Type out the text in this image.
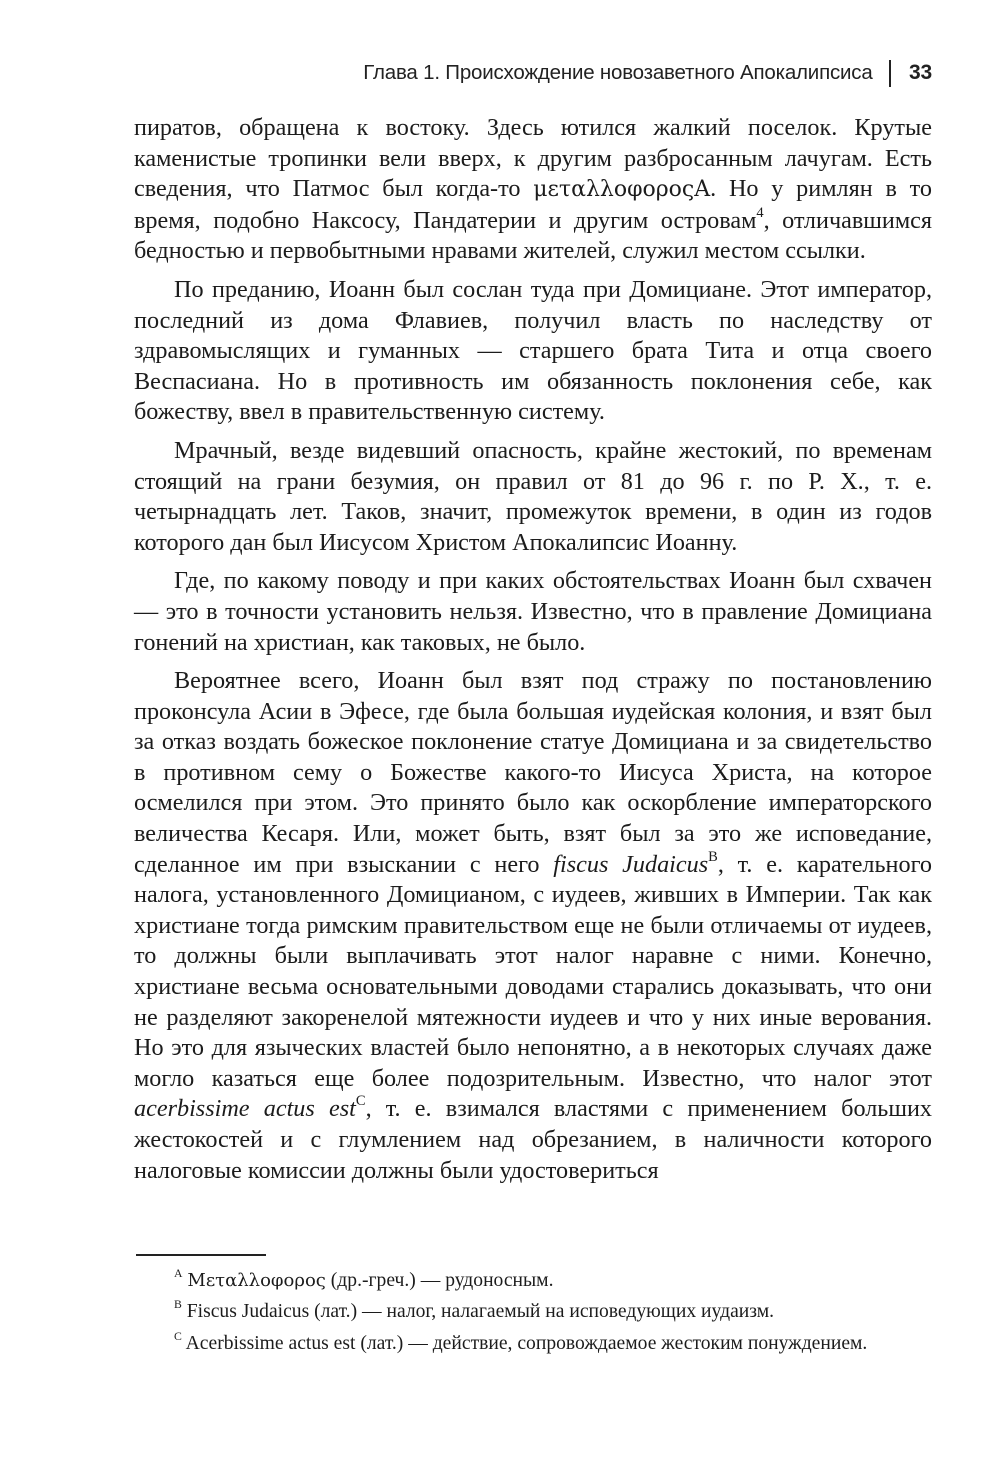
Глава 1. Происхождение новозаветного Апокалипсиса 33

пиратов, обращена к востоку. Здесь ютился жалкий поселок. Крутые каменистые тропинки вели вверх, к другим разбросанным лачугам. Есть сведения, что Патмос был когда-то μεταλλοφοροςA. Но у римлян в то время, подобно Наксосу, Пандатерии и другим островам$^4$, отличавшимся бедностью и первобытными нравами жителей, служил местом ссылки.

По преданию, Иоанн был сослан туда при Домициане. Этот император, последний из дома Флавиев, получил власть по наследству от здравомыслящих и гуманных — старшего брата Тита и отца своего Веспасиана. Но в противность им обязанность поклонения себе, как божеству, ввел в правительственную систему.

Мрачный, везде видевший опасность, крайне жестокий, по временам стоящий на грани безумия, он правил от 81 до 96 г. по Р. Х., т. е. четырнадцать лет. Таков, значит, промежуток времени, в один из годов которого дан был Иисусом Христом Апокалипсис Иоанну.

Где, по какому поводу и при каких обстоятельствах Иоанн был схвачен — это в точности установить нельзя. Известно, что в правление Домициана гонений на христиан, как таковых, не было.

Вероятнее всего, Иоанн был взят под стражу по постановлению проконсула Асии в Эфесе, где была большая иудейская колония, и взят был за отказ воздать божеское поклонение статуе Домициана и за свидетельство в противном сему о Божестве какого-то Иисуса Христа, на которое осмелился при этом. Это принято было как оскорбление императорского величества Кесаря. Или, может быть, взят был за это же исповедание, сделанное им при взыскании с него fiscus Judaicus$^B$, т. е. карательного налога, установленного Домицианом, с иудеев, живших в Империи. Так как христиане тогда римским правительством еще не были отличаемы от иудеев, то должны были выплачивать этот налог наравне с ними. Конечно, христиане весьма основательными доводами старались доказывать, что они не разделяют закоренелой мятежности иудеев и что у них иные верования. Но это для языческих властей было непонятно, а в некоторых случаях даже могло казаться еще более подозрительным. Известно, что налог этот acerbissime actus est$^C$, т. е. взимался властями с применением больших жестокостей и с глумлением над обрезанием, в наличности которого налоговые комиссии должны были удостовериться

$^A$ Μεταλλοφορος (др.-греч.) — рудоносным.

$^B$ Fiscus Judaicus (лат.) — налог, налагаемый на исповедующих иудаизм.

$^C$ Acerbissime actus est (лат.) — действие, сопровождаемое жестоким понуждением.
